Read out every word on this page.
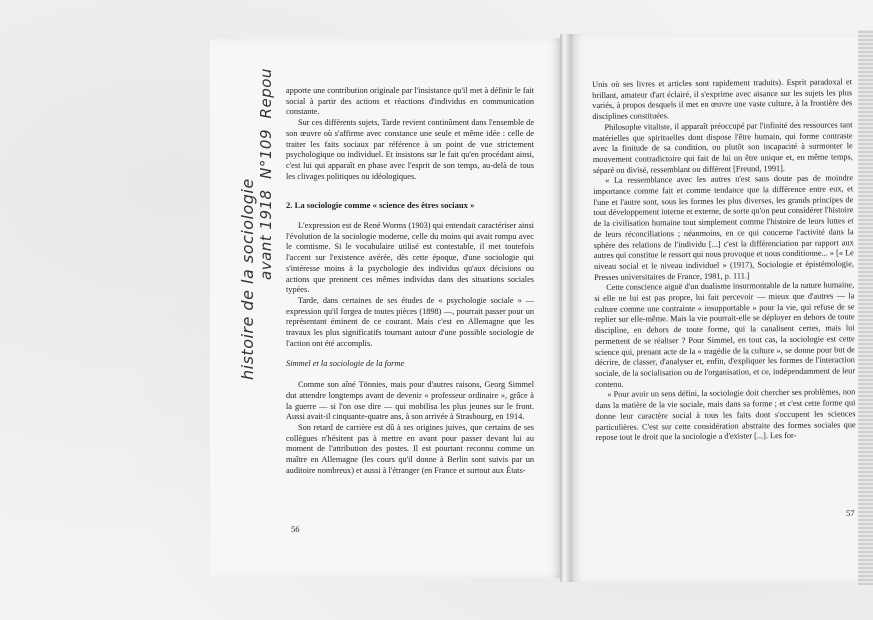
histoire de la sociologie avant 1918  N°109  Repou apporte une contribution originale par l'insistance qu'il met à définir le fait social à partir des actions et réactions d'individus en communication constante.

Sur ces différents sujets, Tarde revient continûment dans l'ensemble de son œuvre où s'affirme avec constance une seule et même idée : celle de traiter les faits sociaux par référence à un point de vue strictement psychologique ou individuel. Et insistons sur le fait qu'en procédant ainsi, c'est lui qui apparaît en phase avec l'esprit de son temps, au-delà de tous les clivages politiques ou idéologiques.

2. La sociologie comme « science des êtres sociaux »

L'expression est de René Worms (1903) qui entendait caractériser ainsi l'évolution de la sociologie moderne, celle du moins qui avait rompu avec le comtisme. Si le vocabulaire utilisé est contestable, il met toutefois l'accent sur l'existence avérée, dès cette époque, d'une sociologie qui s'intéresse moins à la psychologie des individus qu'aux décisions ou actions que prennent ces mêmes individus dans des situations sociales typées.

Tarde, dans certaines de ses études de « psychologie sociale » — expression qu'il forgea de toutes pièces (1898) —, pourrait passer pour un représentant éminent de ce courant. Mais c'est en Allemagne que les travaux les plus significatifs tournant autour d'une possible sociologie de l'action ont été accomplis.

Simmel et la sociologie de la forme

Comme son aîné Tönnies, mais pour d'autres raisons, Georg Simmel dut attendre longtemps avant de devenir « professeur ordinaire », grâce à la guerre — si l'on ose dire — qui mobilisa les plus jeunes sur le front. Aussi avait-il cinquante-quatre ans, à son arrivée à Strasbourg, en 1914.

Son retard de carrière est dû à ses origines juives, que certains de ses collègues n'hésitent pas à mettre en avant pour passer devant lui au moment de l'attribution des postes. Il est pourtant reconnu comme un maître en Allemagne (les cours qu'il donne à Berlin sont suivis par un auditoire nombreux) et aussi à l'étranger (en France et surtout aux États-

56

Unis où ses livres et articles sont rapidement traduits). Esprit paradoxal et brillant, amateur d'art éclairé, il s'exprime avec aisance sur les sujets les plus variés, à propos desquels il met en œuvre une vaste culture, à la frontière des disciplines constituées.

Philosophe vitaliste, il apparaît préoccupé par l'infinité des ressources tant matérielles que spirituelles dont dispose l'être humain, qui forme contraste avec la finitude de sa condition, ou plutôt son incapacité à surmonter le mouvement contradictoire qui fait de lui un être unique et, en même temps, séparé ou divisé, ressemblant ou différent [Freund, 1991].

« La ressemblance avec les autres n'est sans doute pas de moindre importance comme fait et comme tendance que la différence entre eux, et l'une et l'autre sont, sous les formes les plus diverses, les grands principes de tout développement interne et externe, de sorte qu'on peut considérer l'histoire de la civilisation humaine tout simplement comme l'histoire de leurs luttes et de leurs réconciliations ; néanmoins, en ce qui concerne l'activité dans la sphère des relations de l'individu [...] c'est la différenciation par rapport aux autres qui constitue le ressort qui nous provoque et nous conditionne... » [« Le niveau social et le niveau individuel » (1917), Sociologie et épistémologie, Presses universitaires de France, 1981, p. 111.]

Cette conscience aiguë d'un dualisme insurmontable de la nature humaine, si elle ne lui est pas propre, lui fait percevoir — mieux que d'autres — la culture comme une contrainte « insupportable » pour la vie, qui refuse de se replier sur elle-même. Mais la vie pourrait-elle se déployer en dehors de toute discipline, en dehors de toute forme, qui la canalisent certes, mais lui permettent de se réaliser ? Pour Simmel, en tout cas, la sociologie est cette science qui, prenant acte de la « tragédie de la culture », se donne pour but de décrire, de classer, d'analyser et, enfin, d'expliquer les formes de l'interaction sociale, de la socialisation ou de l'organisation, et ce, indépendamment de leur contenu.

« Pour avoir un sens défini, la sociologie doit chercher ses problèmes, non dans la matière de la vie sociale, mais dans sa forme ; et c'est cette forme qui donne leur caractère social à tous les faits dont s'occupent les sciences particulières. C'est sur cette considération abstraite des formes sociales que repose tout le droit que la sociologie a d'exister [...]. Les for-

57
